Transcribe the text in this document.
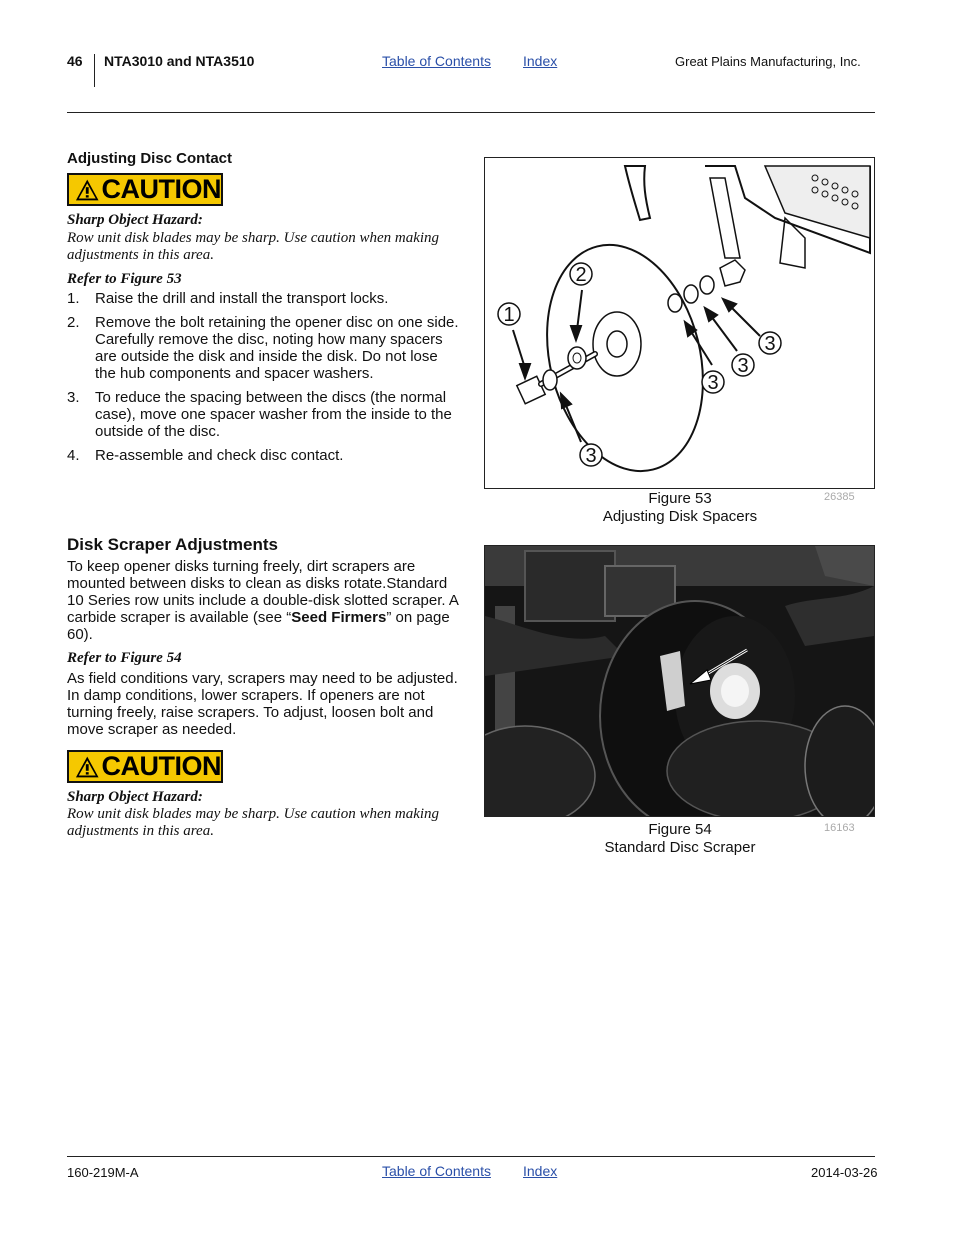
46 NTA3010 and NTA3510	Table of Contents Index	Great Plains Manufacturing, Inc.
Adjusting Disc Contact
CAUTION
Sharp Object Hazard:
Row unit disk blades may be sharp. Use caution when making adjustments in this area.
Refer to Figure 53
1. Raise the drill and install the transport locks.
2. Remove the bolt retaining the opener disc on one side. Carefully remove the disc, noting how many spacers are outside the disk and inside the disk. Do not lose the hub components and spacer washers.
3. To reduce the spacing between the discs (the normal case), move one spacer washer from the inside to the outside of the disc.
4. Re-assemble and check disc contact.
1
2
3
3
3
3
Figure 53
Adjusting Disk Spacers
26385
Disk Scraper Adjustments
To keep opener disks turning freely, dirt scrapers are mounted between disks to clean as disks rotate.Standard 10 Series row units include a double-disk slotted scraper. A carbide scraper is available (see “Seed Firmers” on page 60).
Refer to Figure 54
As field conditions vary, scrapers may need to be adjusted. In damp conditions, lower scrapers. If openers are not turning freely, raise scrapers. To adjust, loosen bolt and move scraper as needed.
CAUTION
Sharp Object Hazard:
Row unit disk blades may be sharp. Use caution when making adjustments in this area.	Figure 54
Standard Disc Scraper
16163
160-219M-A	Table of Contents Index	2014-03-26
